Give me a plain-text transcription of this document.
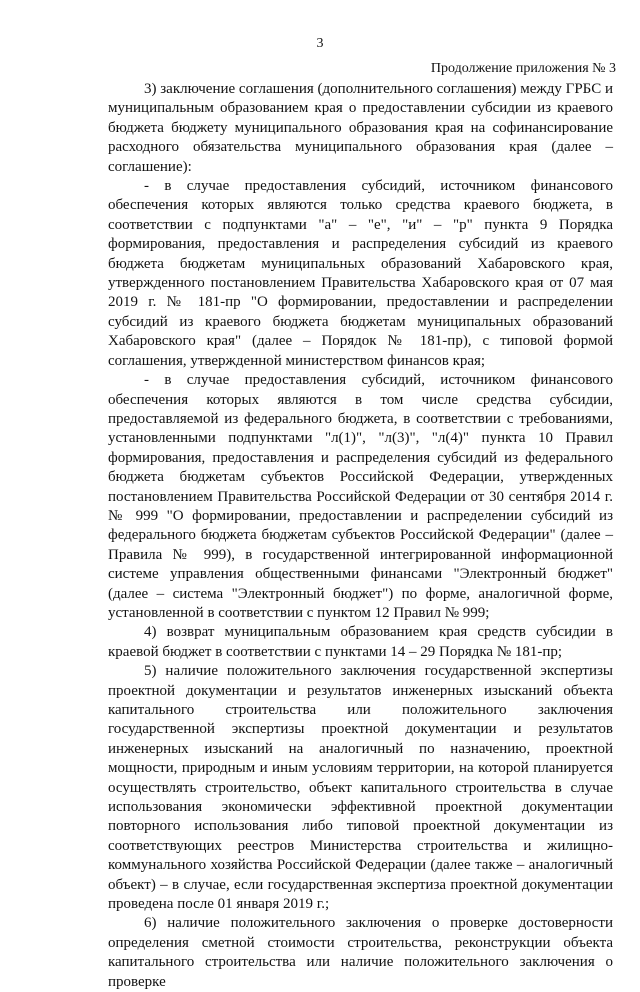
3
Продолжение приложения № 3

3) заключение соглашения (дополнительного соглашения) между ГРБС и муниципальным образованием края о предоставлении субсидии из краевого бюджета бюджету муниципального образования края на софинансирование расходного обязательства муниципального образования края (далее – соглашение):

- в случае предоставления субсидий, источником финансового обеспечения которых являются только средства краевого бюджета, в соответствии с подпунктами "а" – "е", "и" – "р" пункта 9 Порядка формирования, предоставления и распределения субсидий из краевого бюджета бюджетам муниципальных образований Хабаровского края, утвержденного постановлением Правительства Хабаровского края от 07 мая 2019 г. № 181-пр "О формировании, предоставлении и распределении субсидий из краевого бюджета бюджетам муниципальных образований Хабаровского края" (далее – Порядок № 181-пр), с типовой формой соглашения, утвержденной министерством финансов края;

- в случае предоставления субсидий, источником финансового обеспечения которых являются в том числе средства субсидии, предоставляемой из федерального бюджета, в соответствии с требованиями, установленными подпунктами "л(1)", "л(3)", "л(4)" пункта 10 Правил формирования, предоставления и распределения субсидий из федерального бюджета бюджетам субъектов Российской Федерации, утвержденных постановлением Правительства Российской Федерации от 30 сентября 2014 г. № 999 "О формировании, предоставлении и распределении субсидий из федерального бюджета бюджетам субъектов Российской Федерации" (далее – Правила № 999), в государственной интегрированной информационной системе управления общественными финансами "Электронный бюджет" (далее – система "Электронный бюджет") по форме, аналогичной форме, установленной в соответствии с пунктом 12 Правил № 999;

4) возврат муниципальным образованием края средств субсидии в краевой бюджет в соответствии с пунктами 14 – 29 Порядка № 181-пр;

5) наличие положительного заключения государственной экспертизы проектной документации и результатов инженерных изысканий объекта капитального строительства или положительного заключения государственной экспертизы проектной документации и результатов инженерных изысканий на аналогичный по назначению, проектной мощности, природным и иным условиям территории, на которой планируется осуществлять строительство, объект капитального строительства в случае использования экономически эффективной проектной документации повторного использования либо типовой проектной документации из соответствующих реестров Министерства строительства и жилищно-коммунального хозяйства Российской Федерации (далее также – аналогичный объект) – в случае, если государственная экспертиза проектной документации проведена после 01 января 2019 г.;

6) наличие положительного заключения о проверке достоверности определения сметной стоимости строительства, реконструкции объекта капитального строительства или наличие положительного заключения о проверке
